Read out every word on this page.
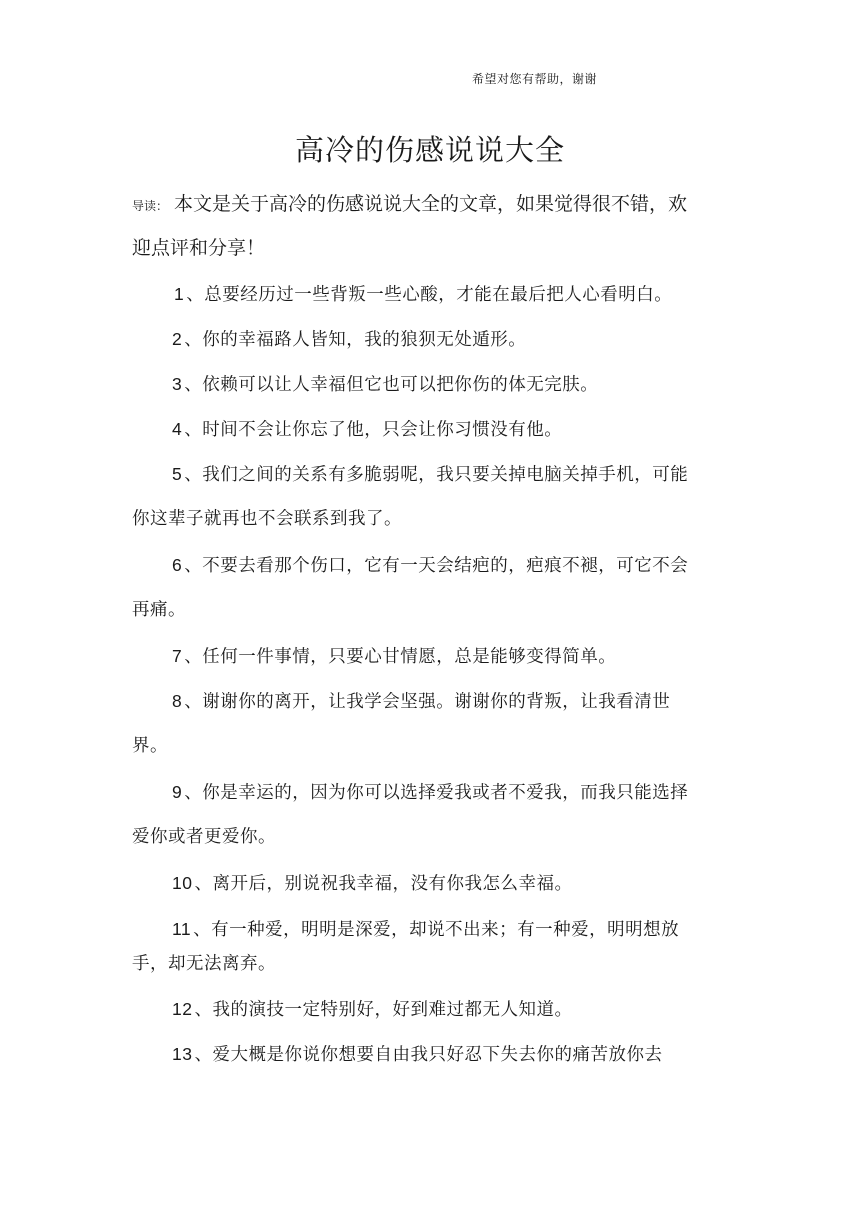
希望对您有帮助，谢谢
高冷的伤感说说大全
导读： 本文是关于高冷的伤感说说大全的文章，如果觉得很不错，欢迎点评和分享！

1 、总要经历过一些背叛一些心酸，才能在最后把人心看明白。

2 、你的幸福路人皆知，我的狼狈无处遁形。

3 、依赖可以让人幸福但它也可以把你伤的体无完肤。

4 、时间不会让你忘了他，只会让你习惯没有他。

5 、我们之间的关系有多脆弱呢，我只要关掉电脑关掉手机，可能你这辈子就再也不会联系到我了。

6 、不要去看那个伤口，它有一天会结疤的，疤痕不褪，可它不会再痛。

7 、任何一件事情，只要心甘情愿，总是能够变得简单。

8 、谢谢你的离开，让我学会坚强。谢谢你的背叛，让我看清世界。

9 、你是幸运的，因为你可以选择爱我或者不爱我，而我只能选择爱你或者更爱你。

10 、离开后，别说祝我幸福，没有你我怎么幸福。

11 、有一种爱，明明是深爱，却说不出来；有一种爱，明明想放手，却无法离弃。

12 、我的演技一定特别好，好到难过都无人知道。

13 、爱大概是你说你想要自由我只好忍下失去你的痛苦放你去
